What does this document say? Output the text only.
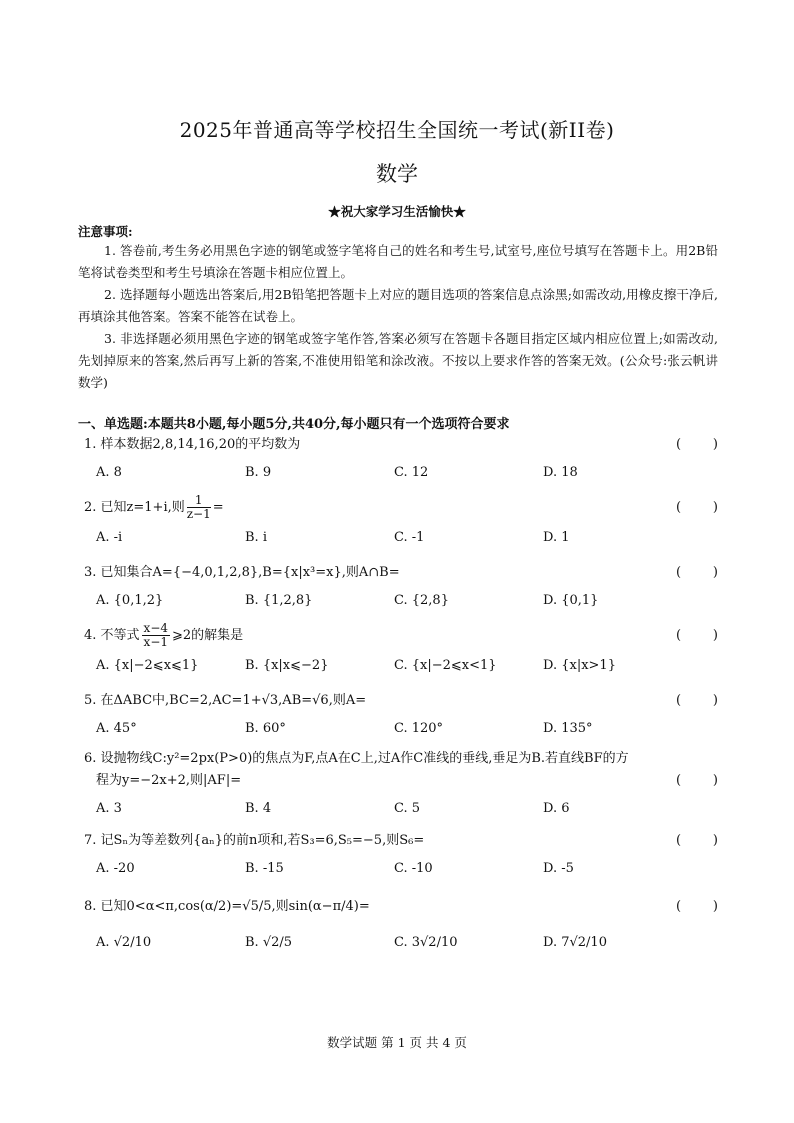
2025年普通高等学校招生全国统一考试(新II卷)
数学
★祝大家学习生活愉快★
注意事项:

1. 答卷前,考生务必用黑色字迹的钢笔或签字笔将自己的姓名和考生号,试室号,座位号填写在答题卡上。用2B铅笔将试卷类型和考生号填涂在答题卡相应位置上。

2. 选择题每小题选出答案后,用2B铅笔把答题卡上对应的题目选项的答案信息点涂黑;如需改动,用橡皮擦干净后,再填涂其他答案。答案不能答在试卷上。

3. 非选择题必须用黑色字迹的钢笔或签字笔作答,答案必须写在答题卡各题目指定区域内相应位置上;如需改动,先划掉原来的答案,然后再写上新的答案,不准使用铅笔和涂改液。不按以上要求作答的答案无效。(公众号:张云帆讲数学)

一、单选题:本题共8小题,每小题5分,共40分,每小题只有一个选项符合要求
1. 样本数据2,8,14,16,20的平均数为	( )
A. 8	B. 9	C. 12	D. 18
2. 已知z=1+i,则 $\frac{1}{z-1}$ =	( )
A. -i	B. i	C. -1	D. 1
3. 已知集合A={−4,0,1,2,8},B={x|x³=x},则A∩B=	( )
A. {0,1,2}	B. {1,2,8}	C. {2,8}	D. {0,1}
4. 不等式 $\frac{x-4}{x-1}$ ⩾2的解集是	( )
A. {x|−2⩽x⩽1}	B. {x|x⩽−2}	C. {x|−2⩽x<1}	D. {x|x>1}
5. 在ΔABC中,BC=2,AC=1+√3,AB=√6,则A=	( )
A. 45°	B. 60°	C. 120°	D. 135°
6. 设抛物线C:y²=2px(P>0)的焦点为F,点A在C上,过A作C准线的垂线,垂足为B.若直线BF的方
程为y=−2x+2,则|AF|=	( )
A. 3	B. 4	C. 5	D. 6
7. 记Sₙ为等差数列{aₙ}的前n项和,若S₃=6,S₅=−5,则S₆=	( )
A. -20	B. -15	C. -10	D. -5
8. 已知0<α<π,cos(α/2)=√5/5,则sin(α−π/4)=	( )
A. √2/10	B. √2/5	C. 3√2/10	D. 7√2/10
数学试题 第 1 页 共 4 页
